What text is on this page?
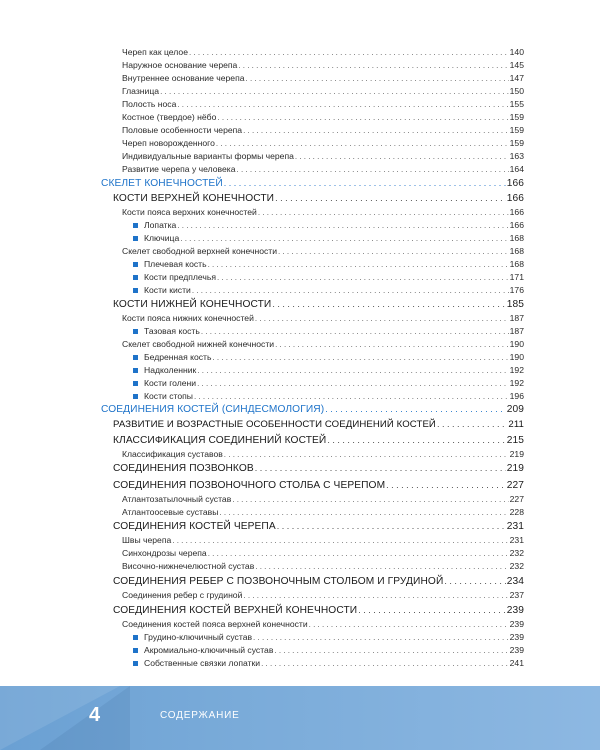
Череп как целое . . .	140
Наружное основание черепа . . .	145
Внутреннее основание черепа . . .	147
Глазница . . .	150
Полость носа . . .	155
Костное (твердое) нёбо . . .	159
Половые особенности черепа . . .	159
Череп новорожденного . . .	159
Индивидуальные варианты формы черепа . . .	163
Развитие черепа у человека . . .	164
СКЕЛЕТ КОНЕЧНОСТЕЙ . . .	166
КОСТИ ВЕРХНЕЙ КОНЕЧНОСТИ . . .	166
Кости пояса верхних конечностей . . .	166
Лопатка . . .	166
Ключица . . .	168
Скелет свободной верхней конечности . . .	168
Плечевая кость . . .	168
Кости предплечья . . .	171
Кости кисти . . .	176
КОСТИ НИЖНЕЙ КОНЕЧНОСТИ . . .	185
Кости пояса нижних конечностей . . .	187
Тазовая кость . . .	187
Скелет свободной нижней конечности . . .	190
Бедренная кость . . .	190
Надколенник . . .	192
Кости голени . . .	192
Кости стопы . . .	196
СОЕДИНЕНИЯ КОСТЕЙ (СИНДЕСМОЛОГИЯ) . . .	209
РАЗВИТИЕ И ВОЗРАСТНЫЕ ОСОБЕННОСТИ СОЕДИНЕНИЙ КОСТЕЙ . . .	211
КЛАССИФИКАЦИЯ СОЕДИНЕНИЙ КОСТЕЙ . . .	215
Классификация суставов . . .	219
СОЕДИНЕНИЯ ПОЗВОНКОВ . . .	219
СОЕДИНЕНИЯ ПОЗВОНОЧНОГО СТОЛБА С ЧЕРЕПОМ . . .	227
Атлантозатылочный сустав . . .	227
Атлантоосевые суставы . . .	228
СОЕДИНЕНИЯ КОСТЕЙ ЧЕРЕПА . . .	231
Швы черепа . . .	231
Синхондрозы черепа . . .	232
Височно-нижнечелюстной сустав . . .	232
СОЕДИНЕНИЯ РЕБЕР С ПОЗВОНОЧНЫМ СТОЛБОМ И ГРУДИНОЙ . . .	234
Соединения ребер с грудиной . . .	237
СОЕДИНЕНИЯ КОСТЕЙ ВЕРХНЕЙ КОНЕЧНОСТИ . . .	239
Соединения костей пояса верхней конечности . . .	239
Грудино-ключичный сустав . . .	239
Акромиально-ключичный сустав . . .	239
Собственные связки лопатки . . .	241
4	СОДЕРЖАНИЕ
